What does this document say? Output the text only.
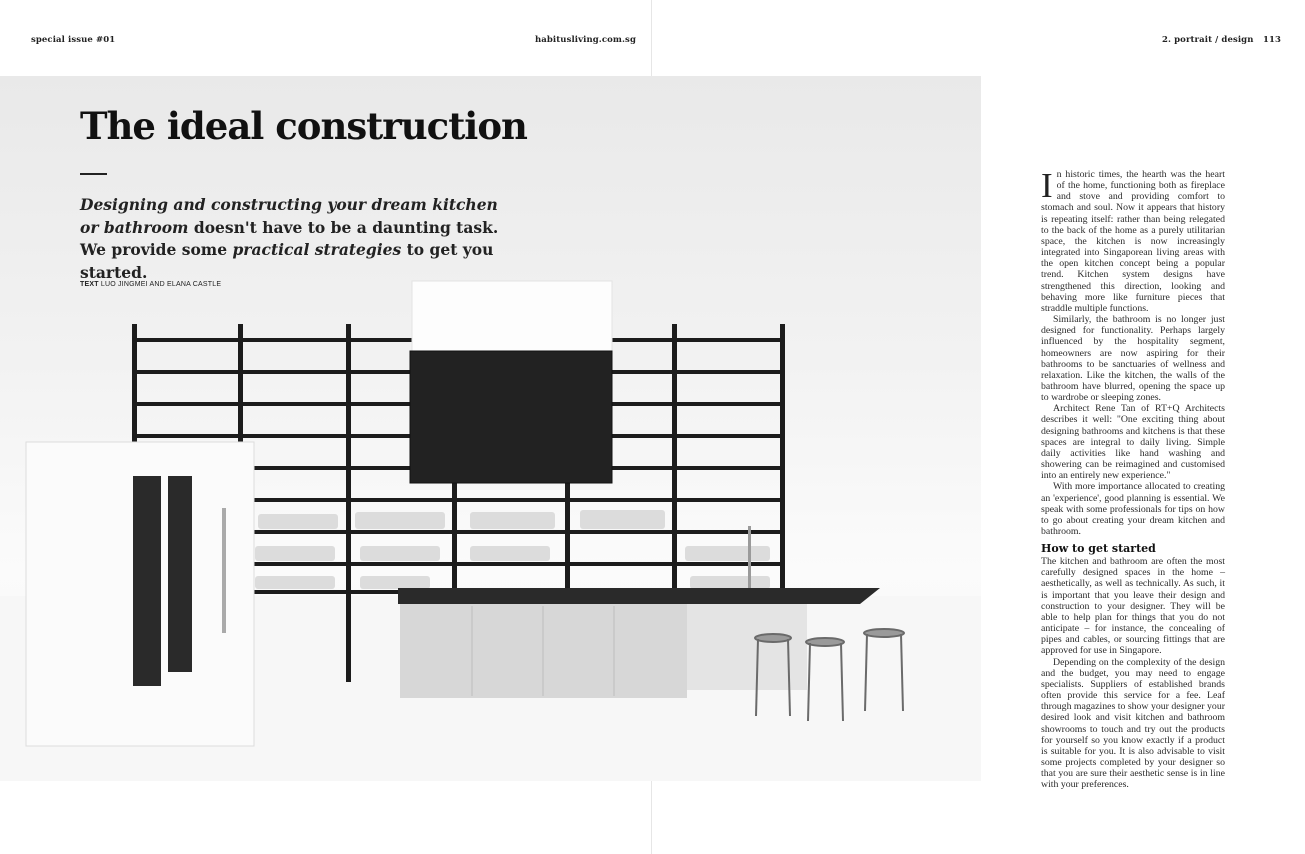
special issue #01	habitusliving.com.sg	2. portrait / design 113
The ideal construction
Designing and constructing your dream kitchen or bathroom doesn't have to be a daunting task. We provide some practical strategies to get you started.
TEXT LUO JINGMEI AND ELANA CASTLE

In historic times, the hearth was the heart of the home, functioning both as fireplace and stove and providing comfort to stomach and soul. Now it appears that history is repeating itself: rather than being relegated to the back of the home as a purely utilitarian space, the kitchen is now increasingly integrated into Singaporean living areas with the open kitchen concept being a popular trend. Kitchen system designs have strengthened this direction, looking and behaving more like furniture pieces that straddle multiple functions.

Similarly, the bathroom is no longer just designed for functionality. Perhaps largely influenced by the hospitality segment, homeowners are now aspiring for their bathrooms to be sanctuaries of wellness and relaxation. Like the kitchen, the walls of the bathroom have blurred, opening the space up to wardrobe or sleeping zones.

Architect Rene Tan of RT+Q Architects describes it well: "One exciting thing about designing bathrooms and kitchens is that these spaces are integral to daily living. Simple daily activities like hand washing and showering can be reimagined and customised into an entirely new experience."

With more importance allocated to creating an 'experience', good planning is essential. We speak with some professionals for tips on how to go about creating your dream kitchen and bathroom.

How to get started

The kitchen and bathroom are often the most carefully designed spaces in the home – aesthetically, as well as technically. As such, it is important that you leave their design and construction to your designer. They will be able to help plan for things that you do not anticipate – for instance, the concealing of pipes and cables, or sourcing fittings that are approved for use in Singapore.

Depending on the complexity of the design and the budget, you may need to engage specialists. Suppliers of established brands often provide this service for a fee. Leaf through magazines to show your designer your desired look and visit kitchen and bathroom showrooms to touch and try out the products for yourself so you know exactly if a product is suitable for you. It is also advisable to visit some projects completed by your designer so that you are sure their aesthetic sense is in line with your preferences.
